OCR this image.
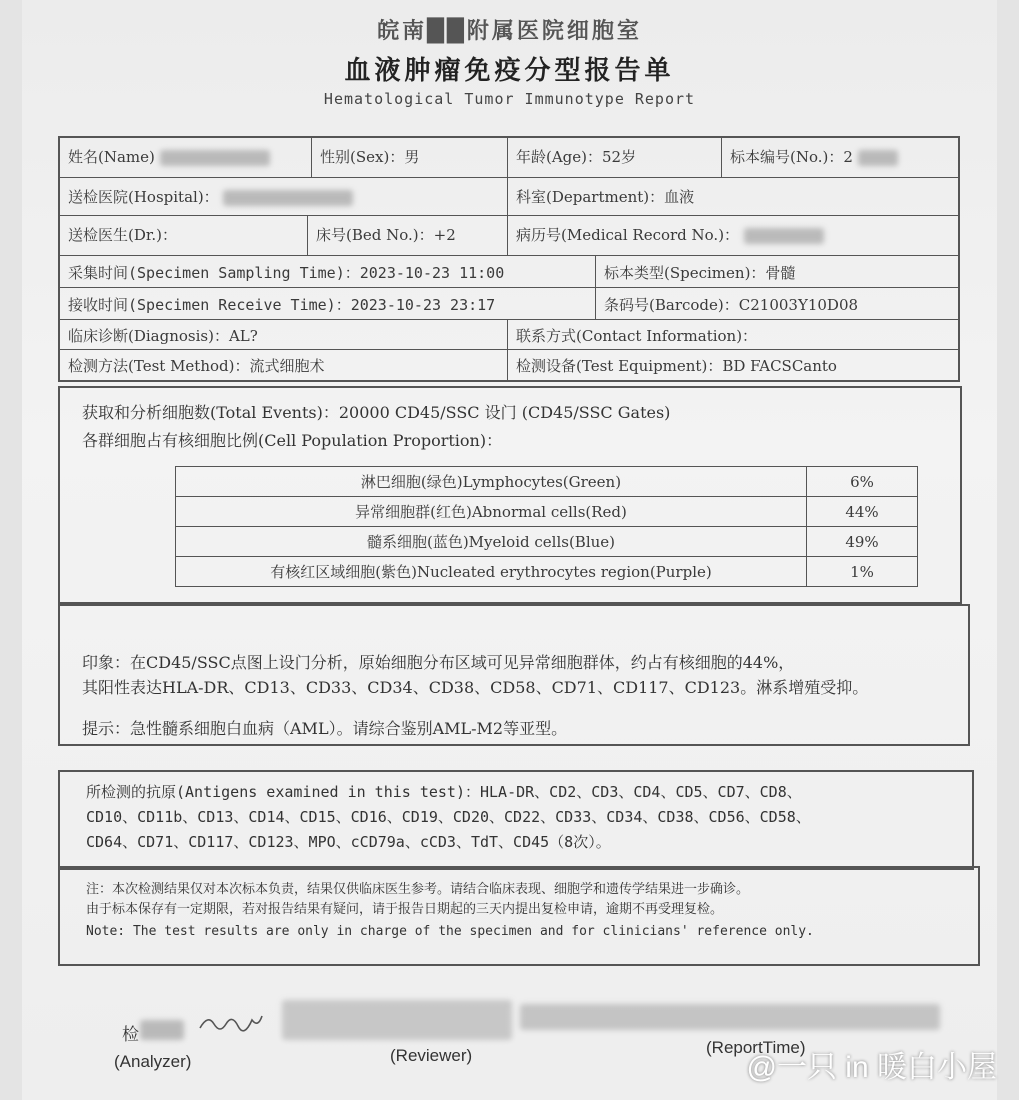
皖南██附属医院细胞室
血液肿瘤免疫分型报告单
Hematological Tumor Immunotype Report
姓名(Name)	性别(Sex)：男	年龄(Age)：52岁	标本编号(No.)：2
送检医院(Hospital)：	科室(Department)：血液
送检医生(Dr.)：	床号(Bed No.)：+2	病历号(Medical Record No.)：
采集时间(Specimen Sampling Time)：2023-10-23 11:00	标本类型(Specimen)：骨髓
接收时间(Specimen Receive Time)：2023-10-23 23:17	条码号(Barcode)：C21003Y10D08
临床诊断(Diagnosis)：AL?	联系方式(Contact Information)：
检测方法(Test Method)：流式细胞术	检测设备(Test Equipment)：BD FACSCanto
获取和分析细胞数(Total Events)：20000 CD45/SSC 设门 (CD45/SSC Gates)
各群细胞占有核细胞比例(Cell Population Proportion)：
淋巴细胞(绿色)Lymphocytes(Green)	6%
异常细胞群(红色)Abnormal cells(Red)	44%
髓系细胞(蓝色)Myeloid cells(Blue)	49%
有核红区域细胞(紫色)Nucleated erythrocytes region(Purple)	1%
印象：在CD45/SSC点图上设门分析，原始细胞分布区域可见异常细胞群体，约占有核细胞的44%，
其阳性表达HLA-DR、CD13、CD33、CD34、CD38、CD58、CD71、CD117、CD123。淋系增殖受抑。
提示：急性髓系细胞白血病（AML）。请综合鉴别AML-M2等亚型。
所检测的抗原(Antigens examined in this test)：HLA-DR、CD2、CD3、CD4、CD5、CD7、CD8、
CD10、CD11b、CD13、CD14、CD15、CD16、CD19、CD20、CD22、CD33、CD34、CD38、CD56、CD58、
CD64、CD71、CD117、CD123、MPO、cCD79a、cCD3、TdT、CD45（8次）。
注：本次检测结果仅对本次标本负责，结果仅供临床医生参考。请结合临床表现、细胞学和遗传学结果进一步确诊。
由于标本保存有一定期限，若对报告结果有疑问，请于报告日期起的三天内提出复检申请，逾期不再受理复检。
Note: The test results are only in charge of the specimen and for clinicians' reference only.
检
(Analyzer)	(Reviewer)	(ReportTime)
@一只 in 暖白小屋
